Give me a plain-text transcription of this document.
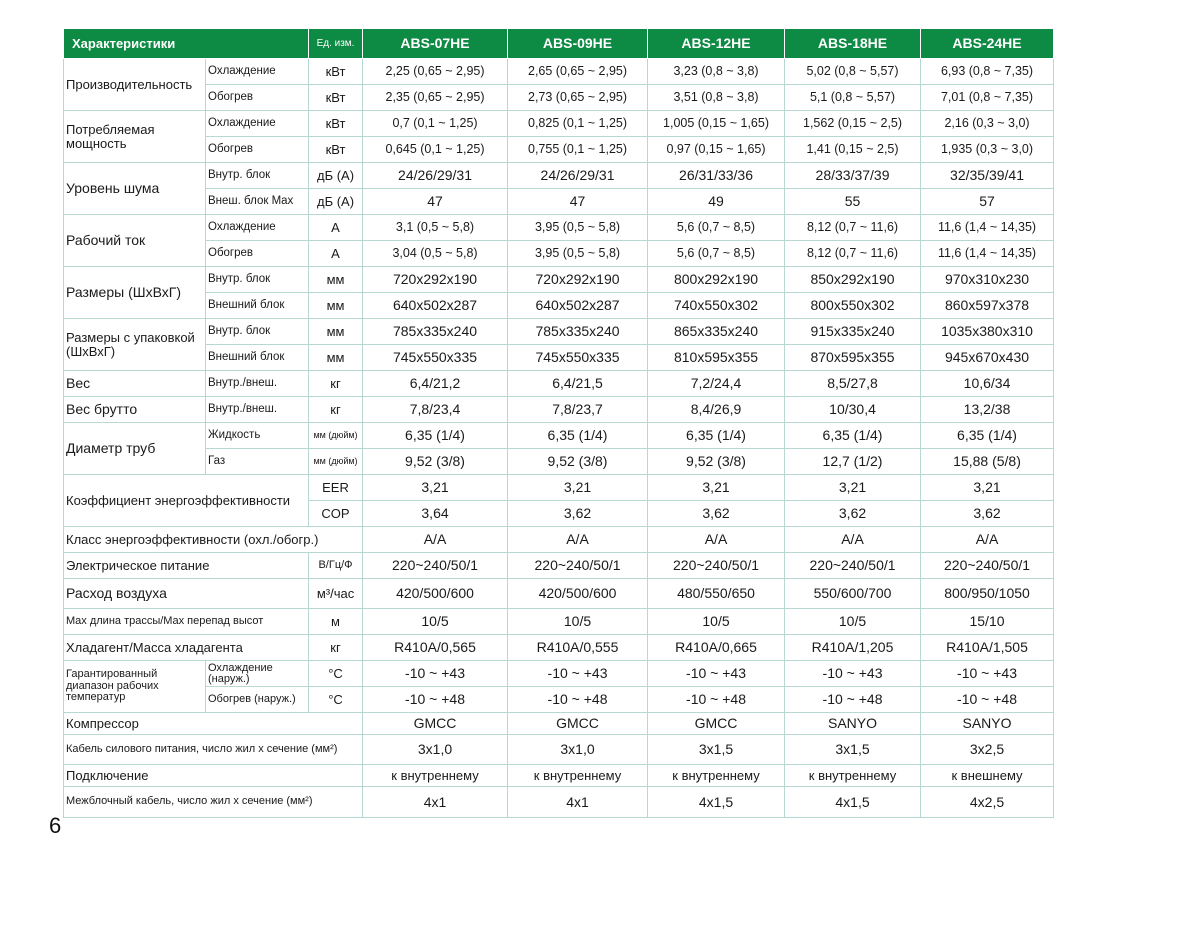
Характеристики		Ед. изм.	ABS-07HE	ABS-09HE	ABS-12HE	ABS-18HE	ABS-24HE
Производительность	Охлаждение	кВт	2,25 (0,65 ~ 2,95)	2,65 (0,65 ~ 2,95)	3,23 (0,8 ~ 3,8)	5,02 (0,8 ~ 5,57)	6,93 (0,8 ~ 7,35)
	Обогрев	кВт	2,35 (0,65 ~ 2,95)	2,73 (0,65 ~ 2,95)	3,51 (0,8 ~ 3,8)	5,1 (0,8 ~ 5,57)	7,01 (0,8 ~ 7,35)
Потребляемая мощность	Охлаждение	кВт	0,7 (0,1 ~ 1,25)	0,825 (0,1 ~ 1,25)	1,005 (0,15 ~ 1,65)	1,562 (0,15 ~ 2,5)	2,16 (0,3 ~ 3,0)
	Обогрев	кВт	0,645 (0,1 ~ 1,25)	0,755 (0,1 ~ 1,25)	0,97 (0,15 ~ 1,65)	1,41 (0,15 ~ 2,5)	1,935 (0,3 ~ 3,0)
Уровень шума	Внутр. блок	дБ (А)	24/26/29/31	24/26/29/31	26/31/33/36	28/33/37/39	32/35/39/41
	Внеш. блок Max	дБ (А)	47	47	49	55	57
Рабочий ток	Охлаждение	А	3,1 (0,5 ~ 5,8)	3,95 (0,5 ~ 5,8)	5,6 (0,7 ~ 8,5)	8,12 (0,7 ~ 11,6)	11,6 (1,4 ~ 14,35)
	Обогрев	А	3,04 (0,5 ~ 5,8)	3,95 (0,5 ~ 5,8)	5,6 (0,7 ~ 8,5)	8,12 (0,7 ~ 11,6)	11,6 (1,4 ~ 14,35)
Размеры (ШхВхГ)	Внутр. блок	мм	720x292x190	720x292x190	800x292x190	850x292x190	970x310x230
	Внешний блок	мм	640x502x287	640x502x287	740x550x302	800x550x302	860x597x378
Размеры с упаковкой (ШхВхГ)	Внутр. блок	мм	785x335x240	785x335x240	865x335x240	915x335x240	1035x380x310
	Внешний блок	мм	745x550x335	745x550x335	810x595x355	870x595x355	945x670x430
Вес	Внутр./внеш.	кг	6,4/21,2	6,4/21,5	7,2/24,4	8,5/27,8	10,6/34
Вес брутто	Внутр./внеш.	кг	7,8/23,4	7,8/23,7	8,4/26,9	10/30,4	13,2/38
Диаметр труб	Жидкость	мм (дюйм)	6,35 (1/4)	6,35 (1/4)	6,35 (1/4)	6,35 (1/4)	6,35 (1/4)
	Газ	мм (дюйм)	9,52 (3/8)	9,52 (3/8)	9,52 (3/8)	12,7 (1/2)	15,88 (5/8)
Коэффициент энергоэффективности		EER	3,21	3,21	3,21	3,21	3,21
		COP	3,64	3,62	3,62	3,62	3,62
Класс энергоэффективности (охл./обогр.)			A/A	A/A	A/A	A/A	A/A
Электрическое питание		В/Гц/Ф	220~240/50/1	220~240/50/1	220~240/50/1	220~240/50/1	220~240/50/1
Расход воздуха		м³/час	420/500/600	420/500/600	480/550/650	550/600/700	800/950/1050
Max длина трассы/Max перепад высот		м	10/5	10/5	10/5	10/5	15/10
Хладагент/Масса хладагента		кг	R410A/0,565	R410A/0,555	R410A/0,665	R410A/1,205	R410A/1,505
Гарантированный диапазон рабочих температур	Охлаждение (наруж.)	°С	-10 ~ +43	-10 ~ +43	-10 ~ +43	-10 ~ +43	-10 ~ +43
	Обогрев (наруж.)	°С	-10 ~ +48	-10 ~ +48	-10 ~ +48	-10 ~ +48	-10 ~ +48
Компрессор			GMCC	GMCC	GMCC	SANYO	SANYO
Кабель силового питания, число жил х сечение (мм²)			3x1,0	3x1,0	3x1,5	3x1,5	3x2,5
Подключение			к внутреннему	к внутреннему	к внутреннему	к внутреннему	к внешнему
Межблочный кабель, число жил х сечение (мм²)			4x1	4x1	4x1,5	4x1,5	4x2,5
6
